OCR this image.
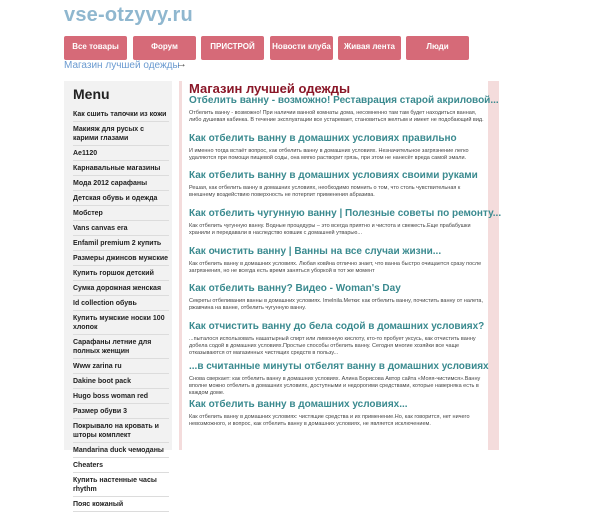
vse-otzyvy.ru
Все товары	Форум	ПРИСТРОЙ	Новости клуба	Живая лента	Люди
Магазин лучшей одежды
→
Menu
Как сшить тапочки из кожи
Макияж для русых с карими глазами
Ae1120
Карнавальные магазины
Мода 2012 сарафаны
Детская обувь и одежда
Мобстер
Vans canvas era
Enfamil premium 2 купить
Размеры джинсов мужские
Купить горшок детский
Сумка дорожная женская
Id collection обувь
Купить мужские носки 100 хлопок
Сарафаны летние для полных женщин
Www zarina ru
Dakine boot pack
Hugo boss woman red
Размер обуви 3
Покрывало на кровать и шторы комплект
Mandarina duck чемоданы
Cheaters
Купить настенные часы rhythm
Пояс кожаный
Магазин лучшей одежды
Отбелить ванну - возможно! Реставрация старой акриловой...
Отбелить ванну - возможно! При наличии ванной комнаты дома, несомненно там там будет находиться ванная, либо душевая кабинка. В течение эксплуатации все устаревает, становиться желтым и имеет не подобающий вид.
Как отбелить ванну в домашних условиях правильно
И именно тогда встаёт вопрос, как отбелить ванну в домашних условиях. Незначительное загрязнение легко удаляются при помощи пищевой соды, она мягко растворит грязь, при этом не нанесёт вреда самой эмали.
Как отбелить ванну в домашних условиях своими руками
Решая, как отбелить ванну в домашних условиях, необходимо помнить о том, что столь чувствительная к внешнему воздействию поверхность не потерпит применения абразива.
Как отбелить чугунную ванну | Полезные советы по ремонту...
Как отбелить чугунную ванну. Водные процедуры – это всегда приятно и чистота и свежесть.Еще прабабушки хранили и передавали в наследство ковшик с домашней утварью...
Как очистить ванну | Ванны на все случаи жизни...
Как отбелить ванну в домашних условиях. Любая ковйна отлично знает, что ванна быстро очищается сразу после загрязнения, но не всегда есть время заняться уборкой в тот же момент
Как отбелить ванну? Видео - Woman's Day
Секреты отбеливания ванны в домашних условиях. Imelnila.Метки: как отбелить ванну, почистить ванну от налета, ржавчина на ванне, отбелить чугунную ванну.
Как отчистить ванну до бела содой в домашних условиях?
...пыталося использовать нашатырный спирт или лимонную кислоту, кто-то пробует уксусь, как отчистить ванну добела содой в домашних условиях.Простые способы отбелить ванну. Сегодня многие хозяйки все чаще отказываются от магазинных чистящих средств в пользу...
...в считанные минуты отбелят ванну в домашних условиях
Снова сверкает: как отбелить ванну в домашних условиях. Алина Борисова Автор сайта «Мояя-чистимся».Ванну вполне можно отбелить в домашних условиях, доступными и недорогими средствами, которые наверняка есть в каждом доме.
Как отбелить ванну в домашних условиях...
Как отбелить ванну в домашних условиях: чистящие средства и их применение.Но, как говорится, нет ничего невозможного, и вопрос, как отбелить ванну в домашних условиях, не является исключением.
